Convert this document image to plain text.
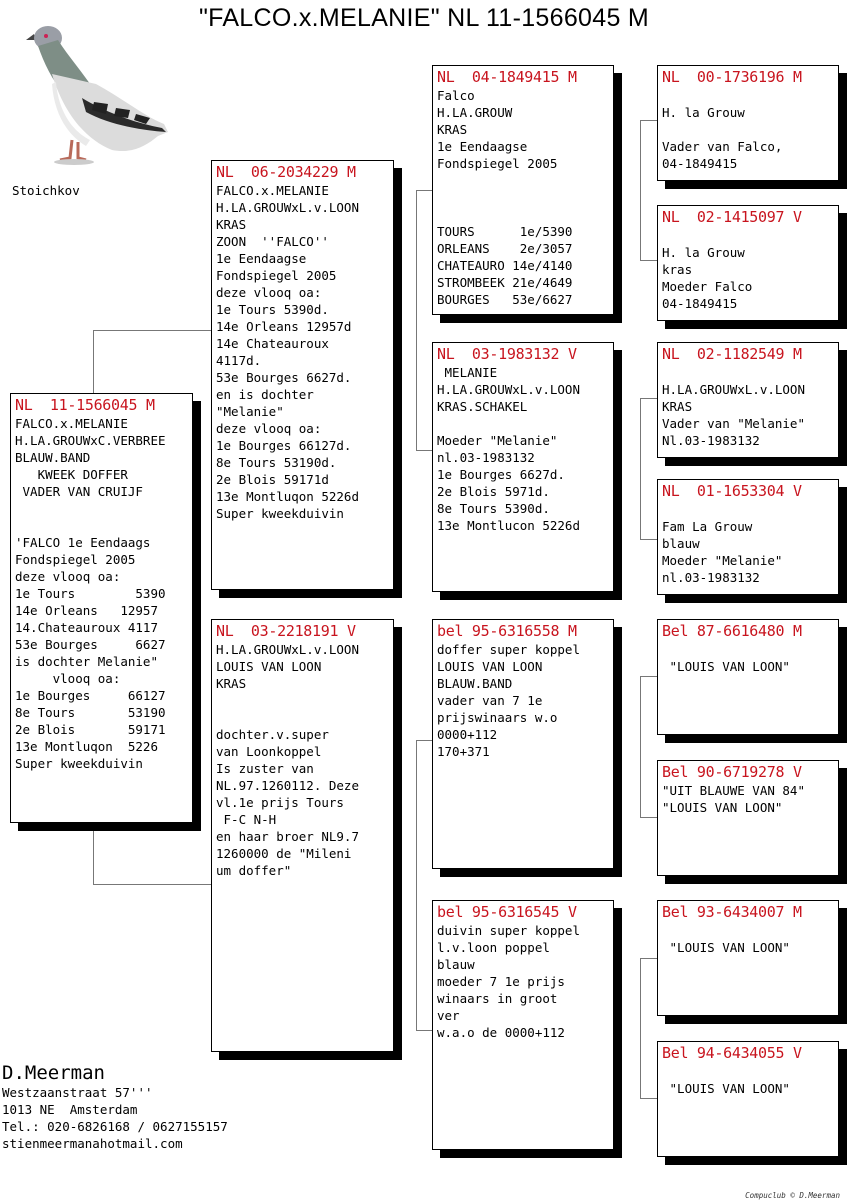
"FALCO.x.MELANIE" NL 11-1566045 M
Stoichkov
NL  11-1566045 M
FALCO.x.MELANIE
H.LA.GROUWxC.VERBREE
BLAUW.BAND
KWEEK DOFFER
VADER VAN CRUIJF

'FALCO 1e Eendaags
Fondspiegel 2005
deze vlooq oa:
1e Tours        5390
14e Orleans   12957
14.Chateauroux 4117
53e Bourges     6627
is dochter Melanie"
vlooq oa:
1e Bourges     66127
8e Tours       53190
2e Blois       59171
13e Montluqon  5226
Super kweekduivin
NL  06-2034229 M
FALCO.x.MELANIE
H.LA.GROUWxL.v.LOON
KRAS
ZOON  ''FALCO''
1e Eendaagse
Fondspiegel 2005
deze vlooq oa:
1e Tours 5390d.
14e Orleans 12957d
14e Chateauroux
4117d.
53e Bourges 6627d.
en is dochter
"Melanie"
deze vlooq oa:
1e Bourges 66127d.
8e Tours 53190d.
2e Blois 59171d
13e Montluqon 5226d
Super kweekduivin
NL  03-2218191 V
H.LA.GROUWxL.v.LOON
LOUIS VAN LOON
KRAS

dochter.v.super
van Loonkoppel
Is zuster van
NL.97.1260112. Deze
vl.1e prijs Tours
F-C N-H
en haar broer NL9.7
1260000 de "Mileni
um doffer"
NL  04-1849415 M
Falco
H.LA.GROUW
KRAS
1e Eendaagse
Fondspiegel 2005

TOURS      1e/5390
ORLEANS    2e/3057
CHATEAURO 14e/4140
STROMBEEK 21e/4649
BOURGES   53e/6627
NL  03-1983132 V
MELANIE
H.LA.GROUWxL.v.LOON
KRAS.SCHAKEL

Moeder "Melanie"
nl.03-1983132
1e Bourges 6627d.
2e Blois 5971d.
8e Tours 5390d.
13e Montlucon 5226d
bel 95-6316558 M
doffer super koppel
LOUIS VAN LOON
BLAUW.BAND
vader van 7 1e
prijswinaars w.o
0000+112
170+371
bel 95-6316545 V
duivin super koppel
l.v.loon poppel
blauw
moeder 7 1e prijs
winaars in groot
ver
w.a.o de 0000+112
NL  00-1736196 M

H. la Grouw

Vader van Falco,
04-1849415
NL  02-1415097 V

H. la Grouw
kras
Moeder Falco
04-1849415
NL  02-1182549 M

H.LA.GROUWxL.v.LOON
KRAS
Vader van "Melanie"
Nl.03-1983132
NL  01-1653304 V

Fam La Grouw
blauw
Moeder "Melanie"
nl.03-1983132
Bel 87-6616480 M

"LOUIS VAN LOON"
Bel 90-6719278 V
"UIT BLAUWE VAN 84"
"LOUIS VAN LOON"
Bel 93-6434007 M

"LOUIS VAN LOON"
Bel 94-6434055 V

"LOUIS VAN LOON"
D.Meerman
Westzaanstraat 57'''
1013 NE  Amsterdam
Tel.: 020-6826168 / 0627155157
stienmeermanahotmail.com
Compuclub © D.Meerman
